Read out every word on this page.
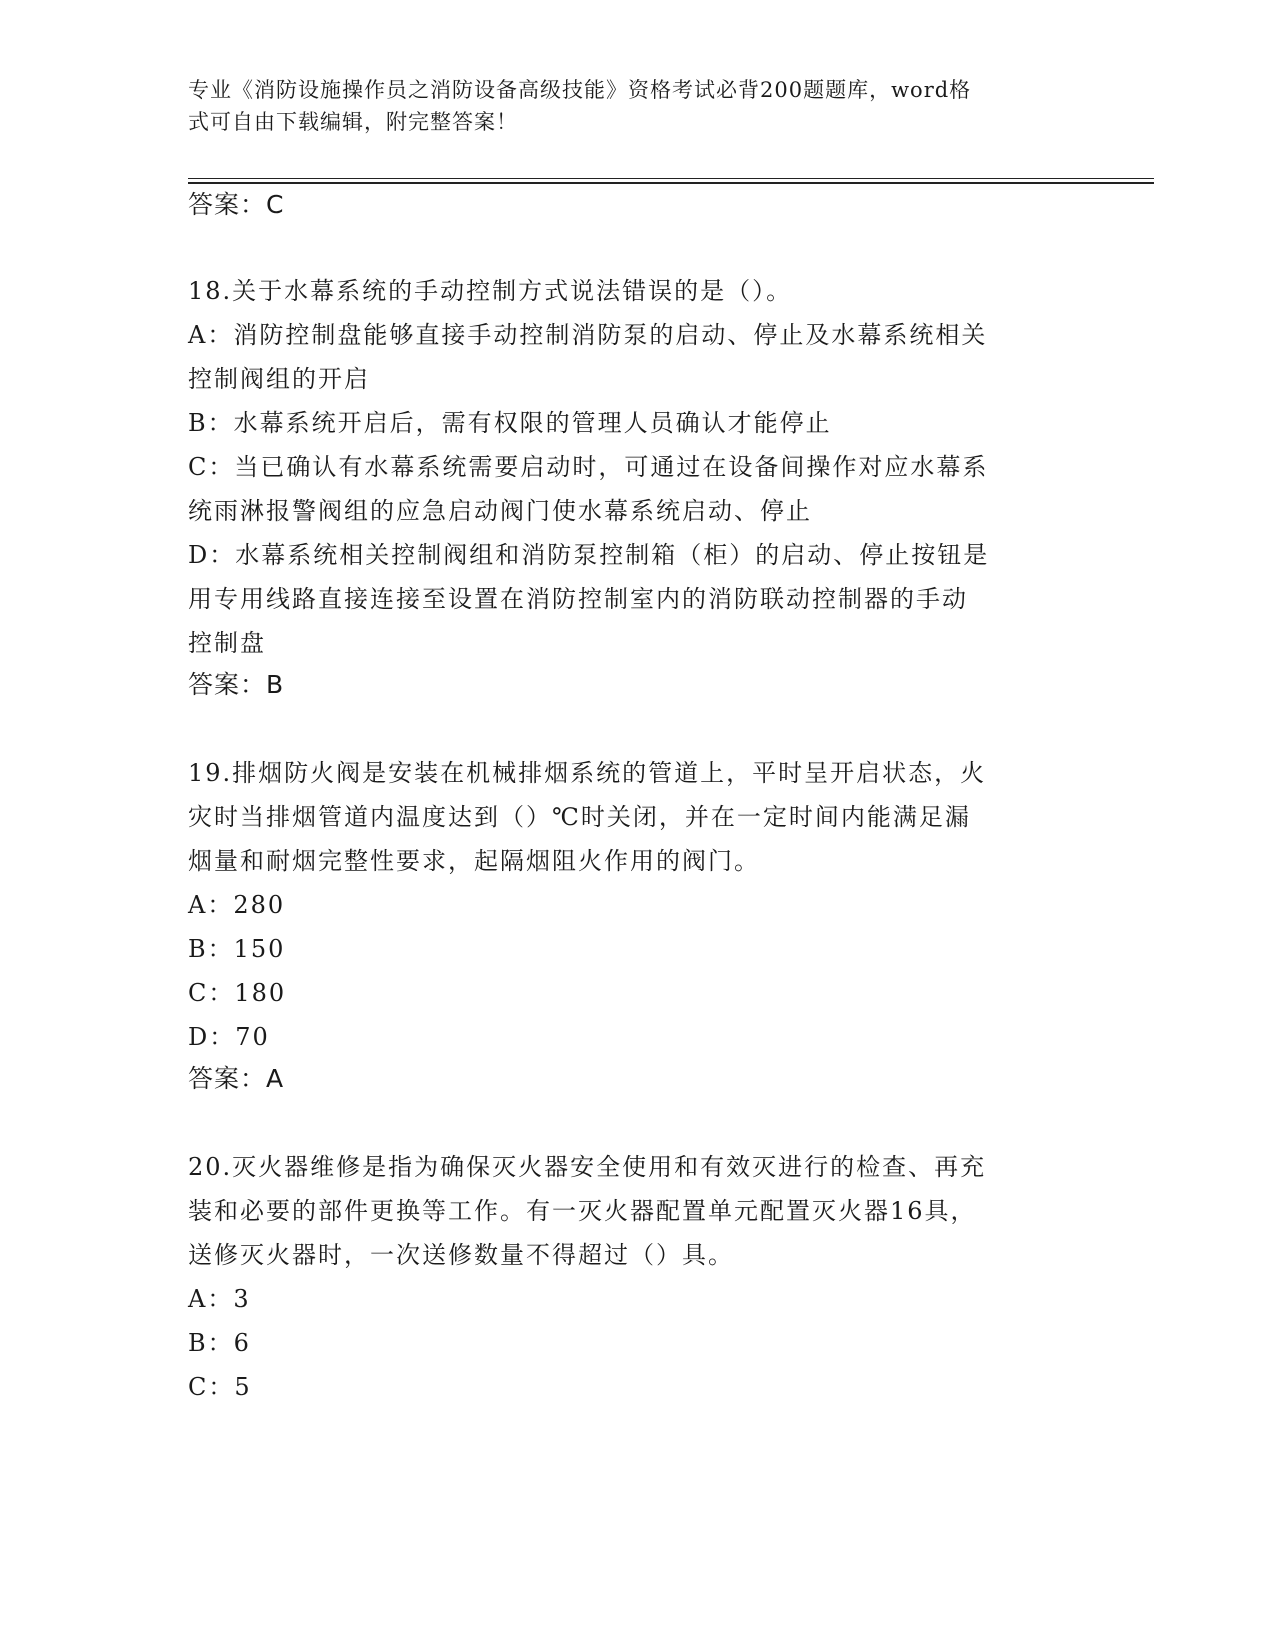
专业《消防设施操作员之消防设备高级技能》资格考试必背200题题库，word格
式可自由下载编辑，附完整答案！
答案：C
18.关于水幕系统的手动控制方式说法错误的是（）。
A：消防控制盘能够直接手动控制消防泵的启动、停止及水幕系统相关
控制阀组的开启
B：水幕系统开启后，需有权限的管理人员确认才能停止
C：当已确认有水幕系统需要启动时，可通过在设备间操作对应水幕系
统雨淋报警阀组的应急启动阀门使水幕系统启动、停止
D：水幕系统相关控制阀组和消防泵控制箱（柜）的启动、停止按钮是
用专用线路直接连接至设置在消防控制室内的消防联动控制器的手动
控制盘
答案：B
19.排烟防火阀是安装在机械排烟系统的管道上，平时呈开启状态，火
灾时当排烟管道内温度达到（）℃时关闭，并在一定时间内能满足漏
烟量和耐烟完整性要求，起隔烟阻火作用的阀门。
A：280
B：150
C：180
D：70
答案：A
20.灭火器维修是指为确保灭火器安全使用和有效灭进行的检查、再充
装和必要的部件更换等工作。有一灭火器配置单元配置灭火器16具，
送修灭火器时，一次送修数量不得超过（）具。
A：3
B：6
C：5
